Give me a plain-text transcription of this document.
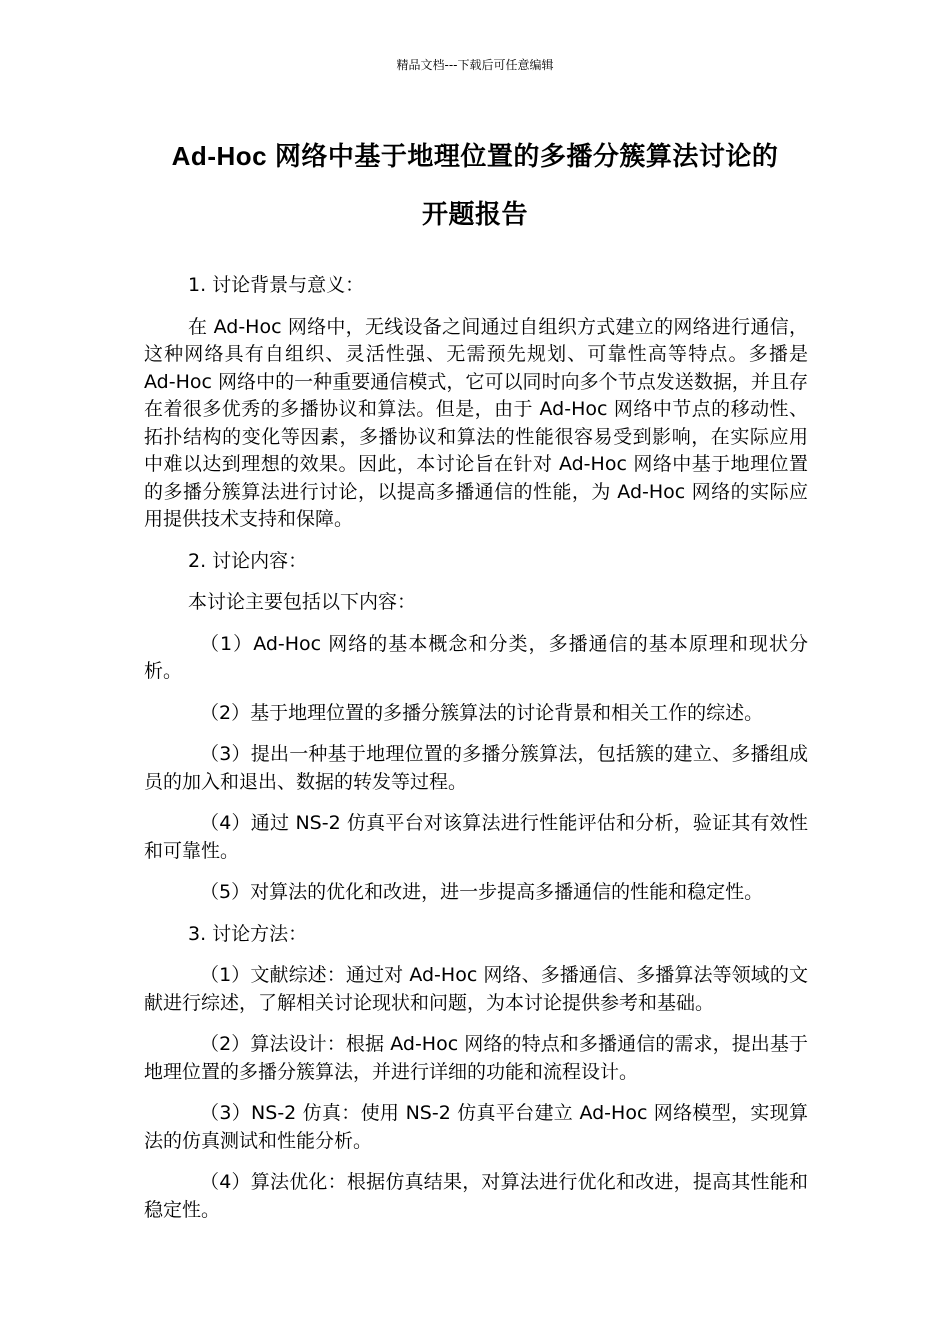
精品文档---下载后可任意编辑
Ad-Hoc 网络中基于地理位置的多播分簇算法讨论的
开题报告

1. 讨论背景与意义：

在 Ad-Hoc 网络中，无线设备之间通过自组织方式建立的网络进行通信，这种网络具有自组织、灵活性强、无需预先规划、可靠性高等特点。多播是 Ad-Hoc 网络中的一种重要通信模式，它可以同时向多个节点发送数据，并且存在着很多优秀的多播协议和算法。但是，由于 Ad-Hoc 网络中节点的移动性、拓扑结构的变化等因素，多播协议和算法的性能很容易受到影响，在实际应用中难以达到理想的效果。因此，本讨论旨在针对 Ad-Hoc 网络中基于地理位置的多播分簇算法进行讨论，以提高多播通信的性能，为 Ad-Hoc 网络的实际应用提供技术支持和保障。

2. 讨论内容：

本讨论主要包括以下内容：

（1）Ad-Hoc 网络的基本概念和分类，多播通信的基本原理和现状分析。

（2）基于地理位置的多播分簇算法的讨论背景和相关工作的综述。

（3）提出一种基于地理位置的多播分簇算法，包括簇的建立、多播组成员的加入和退出、数据的转发等过程。

（4）通过 NS-2 仿真平台对该算法进行性能评估和分析，验证其有效性和可靠性。

（5）对算法的优化和改进，进一步提高多播通信的性能和稳定性。

3. 讨论方法：

（1）文献综述：通过对 Ad-Hoc 网络、多播通信、多播算法等领域的文献进行综述，了解相关讨论现状和问题，为本讨论提供参考和基础。

（2）算法设计：根据 Ad-Hoc 网络的特点和多播通信的需求，提出基于地理位置的多播分簇算法，并进行详细的功能和流程设计。

（3）NS-2 仿真：使用 NS-2 仿真平台建立 Ad-Hoc 网络模型，实现算法的仿真测试和性能分析。

（4）算法优化：根据仿真结果，对算法进行优化和改进，提高其性能和稳定性。
